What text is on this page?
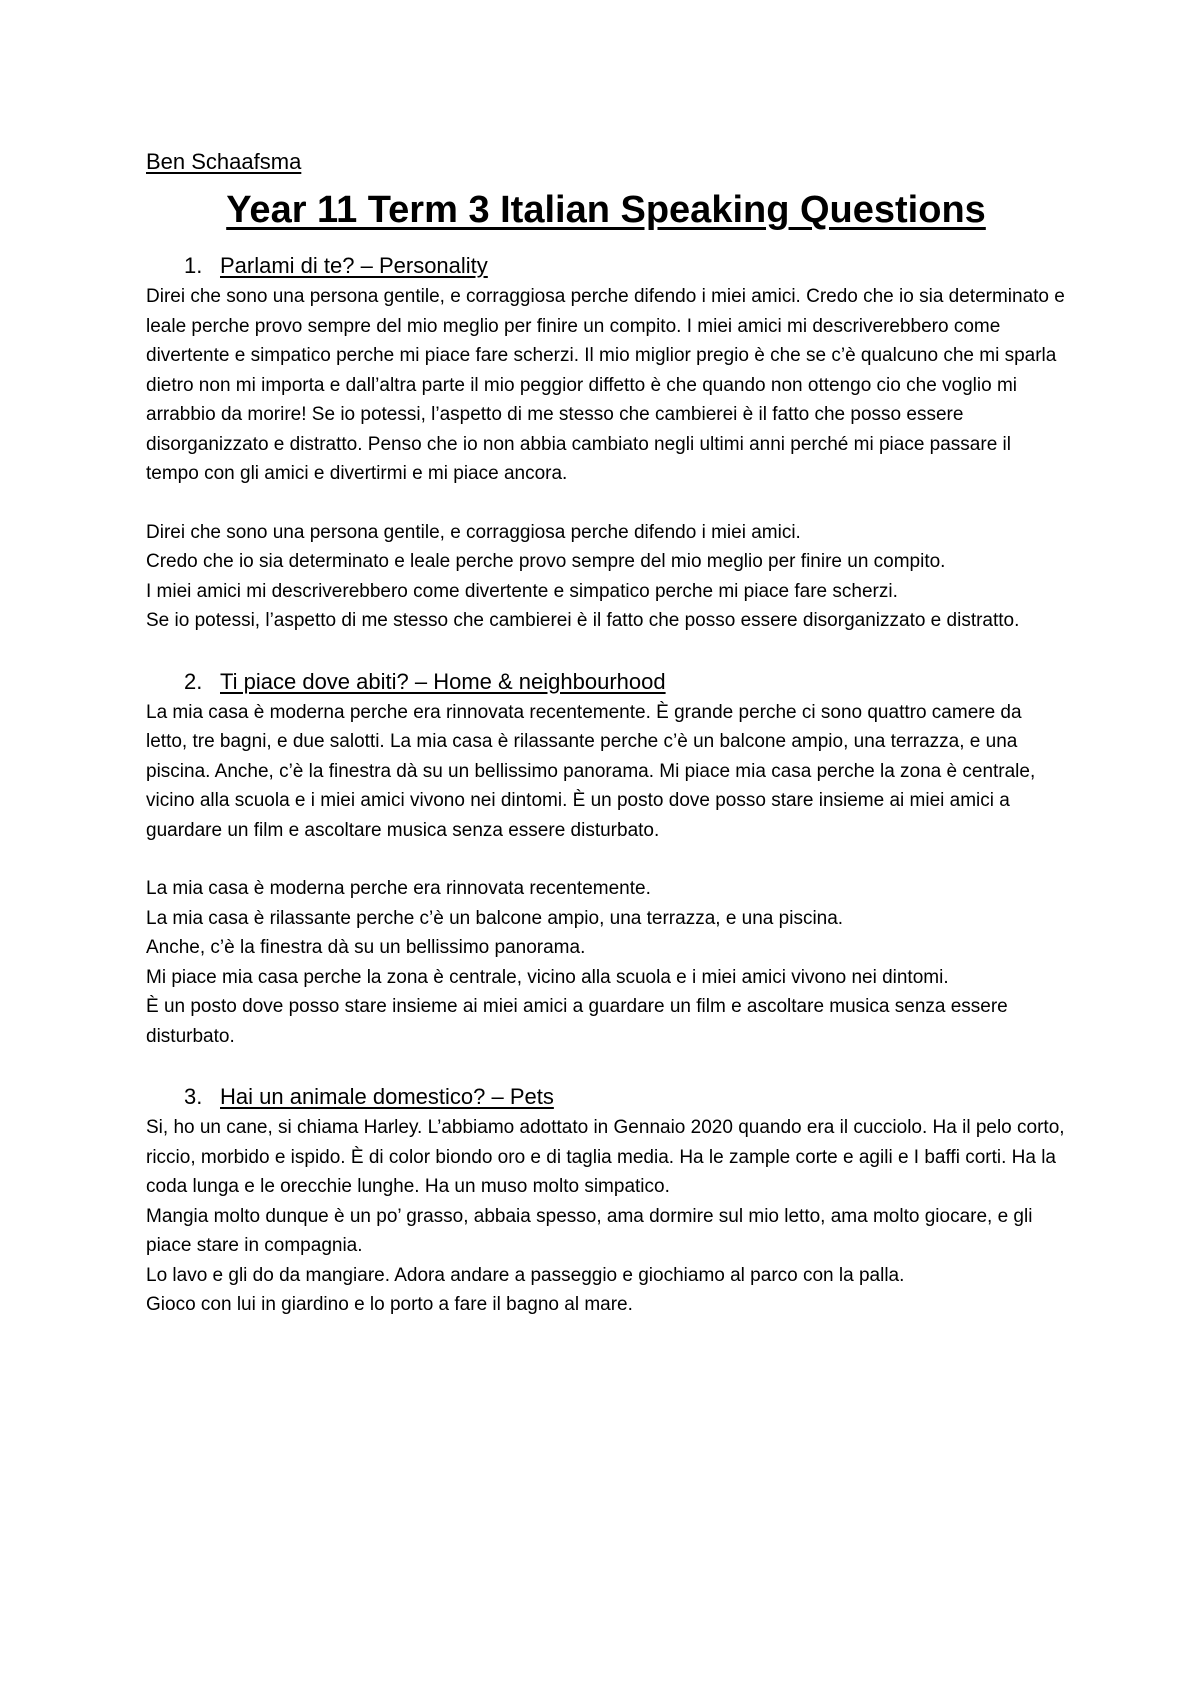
Ben Schaafsma
Year 11 Term 3 Italian Speaking Questions
1. Parlami di te? – Personality

Direi che sono una persona gentile, e corraggiosa perche difendo i miei amici. Credo che io sia determinato e leale perche provo sempre del mio meglio per finire un compito. I miei amici mi descriverebbero come divertente e simpatico perche mi piace fare scherzi. Il mio miglior pregio è che se c’è qualcuno che mi sparla dietro non mi importa e dall’altra parte il mio peggior diffetto è che quando non ottengo cio che voglio mi arrabbio da morire! Se io potessi, l’aspetto di me stesso che cambierei è il fatto che posso essere disorganizzato e distratto. Penso che io non abbia cambiato negli ultimi anni perché mi piace passare il tempo con gli amici e divertirmi e mi piace ancora.

Direi che sono una persona gentile, e corraggiosa perche difendo i miei amici.
Credo che io sia determinato e leale perche provo sempre del mio meglio per finire un compito.
I miei amici mi descriverebbero come divertente e simpatico perche mi piace fare scherzi.
Se io potessi, l’aspetto di me stesso che cambierei è il fatto che posso essere disorganizzato e distratto.

2. Ti piace dove abiti? – Home & neighbourhood

La mia casa è moderna perche era rinnovata recentemente. È grande perche ci sono quattro camere da letto, tre bagni, e due salotti. La mia casa è rilassante perche c’è un balcone ampio, una terrazza, e una piscina. Anche, c’è la finestra dà su un bellissimo panorama. Mi piace mia casa perche la zona è centrale, vicino alla scuola e i miei amici vivono nei dintomi. È un posto dove posso stare insieme ai miei amici a guardare un film e ascoltare musica senza essere disturbato.

La mia casa è moderna perche era rinnovata recentemente.
La mia casa è rilassante perche c’è un balcone ampio, una terrazza, e una piscina.
Anche, c’è la finestra dà su un bellissimo panorama.
Mi piace mia casa perche la zona è centrale, vicino alla scuola e i miei amici vivono nei dintomi.
È un posto dove posso stare insieme ai miei amici a guardare un film e ascoltare musica senza essere disturbato.

3. Hai un animale domestico? – Pets

Si, ho un cane, si chiama Harley. L’abbiamo adottato in Gennaio 2020 quando era il cucciolo. Ha il pelo corto, riccio, morbido e ispido. È di color biondo oro e di taglia media. Ha le zample corte e agili e I baffi corti. Ha la coda lunga e le orecchie lunghe. Ha un muso molto simpatico.
Mangia molto dunque è un po’ grasso, abbaia spesso, ama dormire sul mio letto, ama molto giocare, e gli piace stare in compagnia.
Lo lavo e gli do da mangiare. Adora andare a passeggio e giochiamo al parco con la palla.
Gioco con lui in giardino e lo porto a fare il bagno al mare.
